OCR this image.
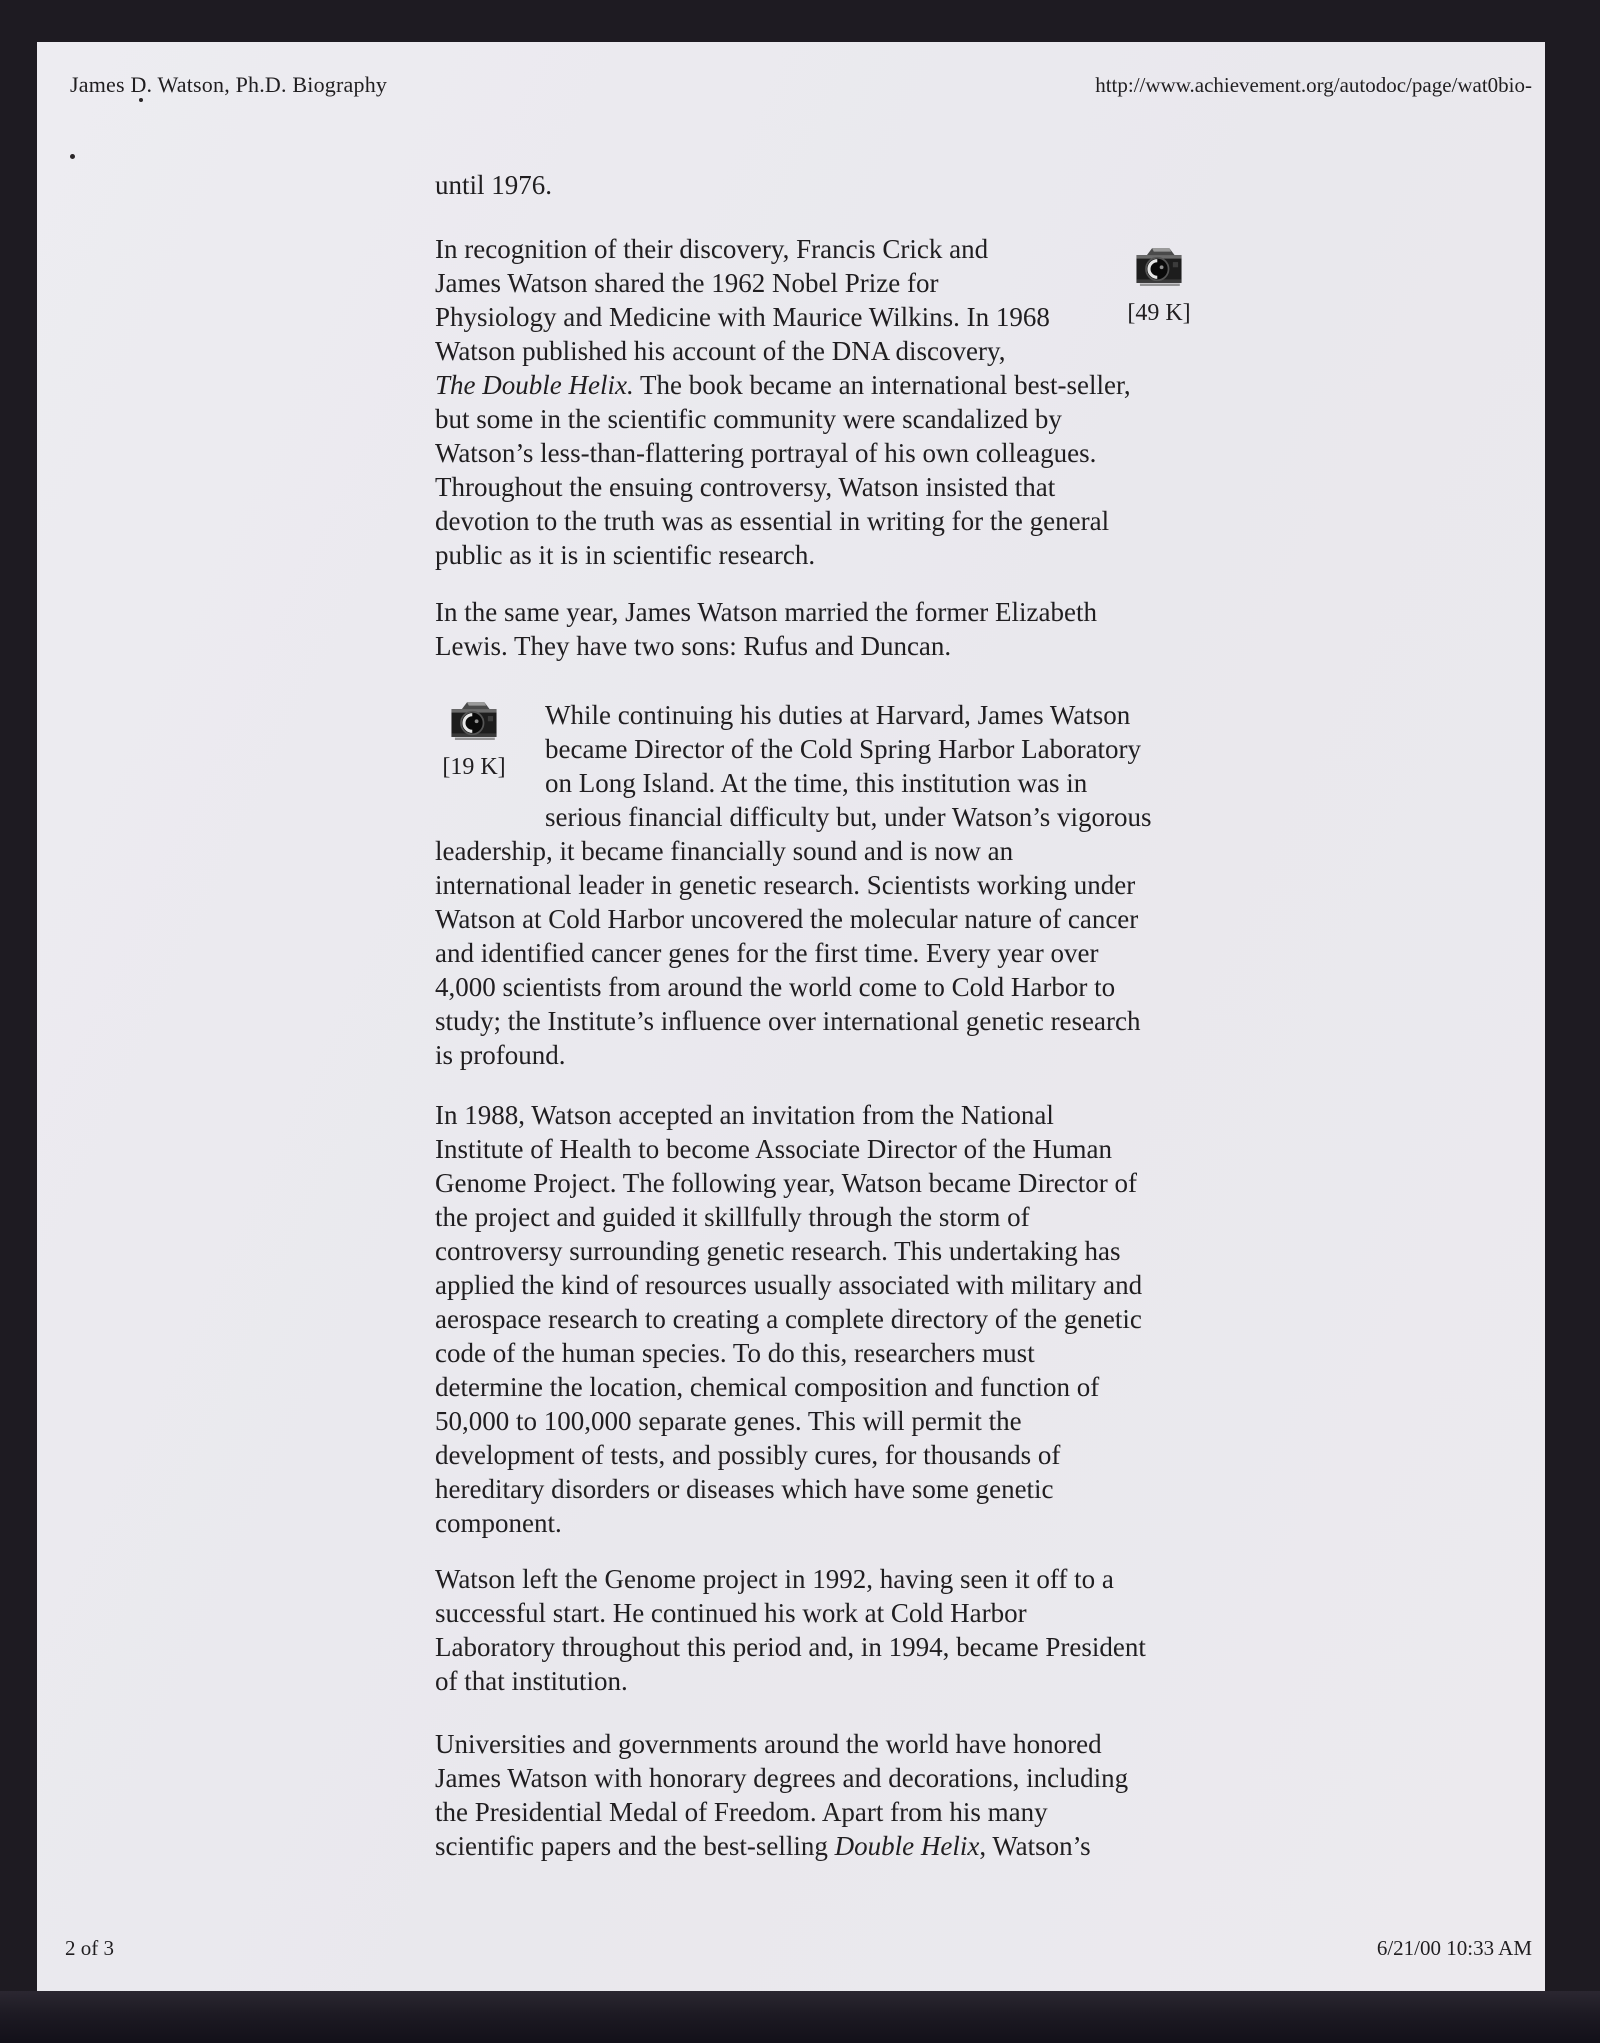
James D. Watson, Ph.D. Biography	http://www.achievement.org/autodoc/page/wat0bio-
[49 K]
[19 K]
until 1976.
In recognition of their discovery, Francis Crick and
James Watson shared the 1962 Nobel Prize for
Physiology and Medicine with Maurice Wilkins. In 1968
Watson published his account of the DNA discovery,
The Double Helix. The book became an international best-seller,
but some in the scientific community were scandalized by
Watson’s less-than-flattering portrayal of his own colleagues.
Throughout the ensuing controversy, Watson insisted that
devotion to the truth was as essential in writing for the general
public as it is in scientific research.
In the same year, James Watson married the former Elizabeth
Lewis. They have two sons: Rufus and Duncan.
While continuing his duties at Harvard, James Watson
became Director of the Cold Spring Harbor Laboratory
on Long Island. At the time, this institution was in
serious financial difficulty but, under Watson’s vigorous
leadership, it became financially sound and is now an
international leader in genetic research. Scientists working under
Watson at Cold Harbor uncovered the molecular nature of cancer
and identified cancer genes for the first time. Every year over
4,000 scientists from around the world come to Cold Harbor to
study; the Institute’s influence over international genetic research
is profound.
In 1988, Watson accepted an invitation from the National
Institute of Health to become Associate Director of the Human
Genome Project. The following year, Watson became Director of
the project and guided it skillfully through the storm of
controversy surrounding genetic research. This undertaking has
applied the kind of resources usually associated with military and
aerospace research to creating a complete directory of the genetic
code of the human species. To do this, researchers must
determine the location, chemical composition and function of
50,000 to 100,000 separate genes. This will permit the
development of tests, and possibly cures, for thousands of
hereditary disorders or diseases which have some genetic
component.
Watson left the Genome project in 1992, having seen it off to a
successful start. He continued his work at Cold Harbor
Laboratory throughout this period and, in 1994, became President
of that institution.
Universities and governments around the world have honored
James Watson with honorary degrees and decorations, including
the Presidential Medal of Freedom. Apart from his many
scientific papers and the best-selling Double Helix, Watson’s
2 of 3	6/21/00 10:33 AM
